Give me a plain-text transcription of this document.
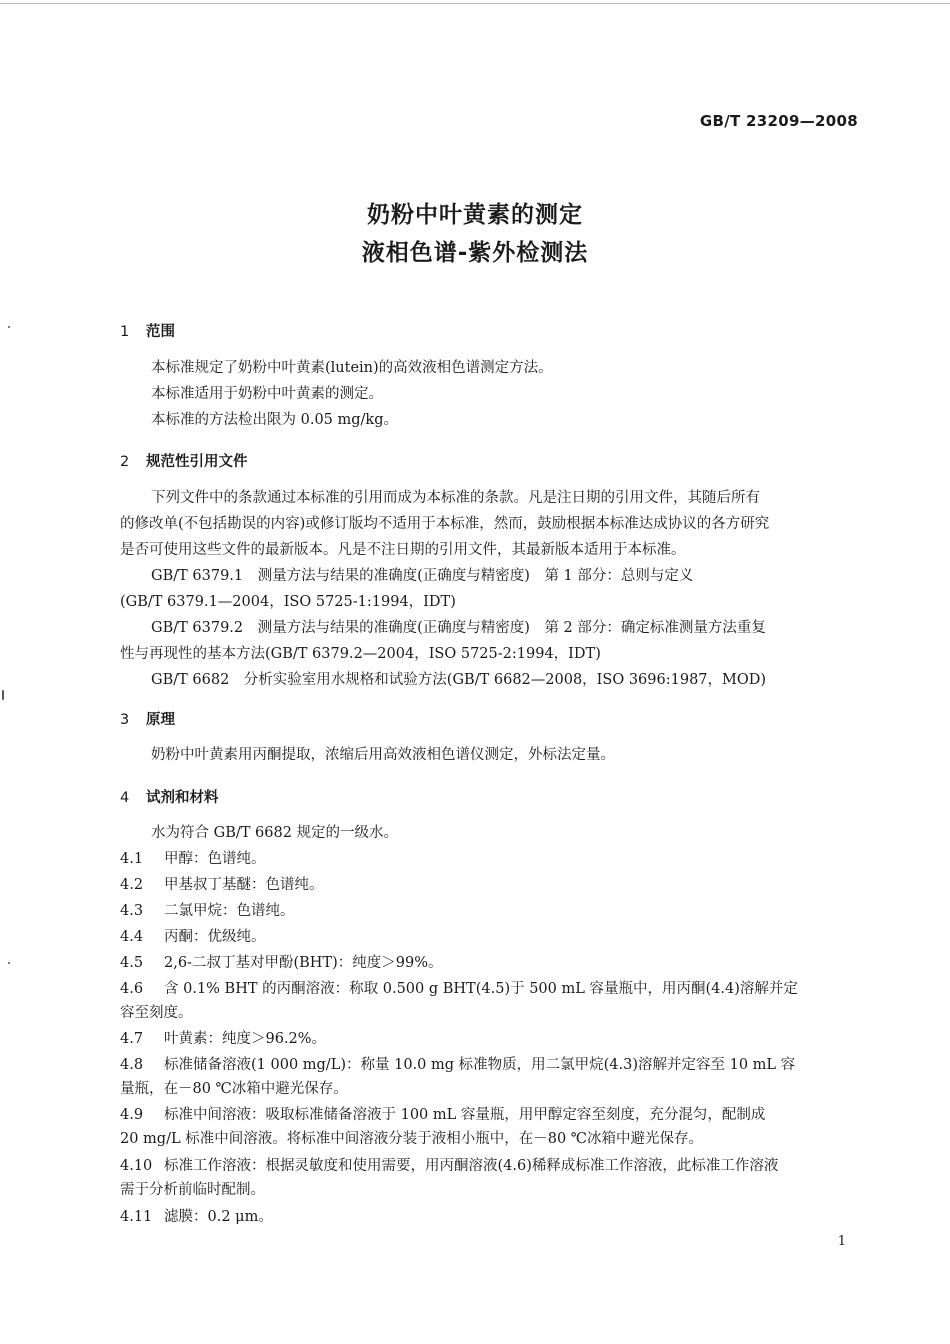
GB/T 23209—2008
奶粉中叶黄素的测定
液相色谱-紫外检测法
1 范围
本标准规定了奶粉中叶黄素(lutein)的高效液相色谱测定方法。
本标准适用于奶粉中叶黄素的测定。
本标准的方法检出限为 0.05 mg/kg。
2 规范性引用文件
下列文件中的条款通过本标准的引用而成为本标准的条款。凡是注日期的引用文件，其随后所有
的修改单(不包括勘误的内容)或修订版均不适用于本标准，然而，鼓励根据本标准达成协议的各方研究
是否可使用这些文件的最新版本。凡是不注日期的引用文件，其最新版本适用于本标准。
GB/T 6379.1　测量方法与结果的准确度(正确度与精密度)　第 1 部分：总则与定义
(GB/T 6379.1—2004，ISO 5725-1:1994，IDT)
GB/T 6379.2　测量方法与结果的准确度(正确度与精密度)　第 2 部分：确定标准测量方法重复
性与再现性的基本方法(GB/T 6379.2—2004，ISO 5725-2:1994，IDT)
GB/T 6682　分析实验室用水规格和试验方法(GB/T 6682—2008，ISO 3696:1987，MOD)
3 原理
奶粉中叶黄素用丙酮提取，浓缩后用高效液相色谱仪测定，外标法定量。
4 试剂和材料
水为符合 GB/T 6682 规定的一级水。
4.1 甲醇：色谱纯。
4.2 甲基叔丁基醚：色谱纯。
4.3 二氯甲烷：色谱纯。
4.4 丙酮：优级纯。
4.5 2,6-二叔丁基对甲酚(BHT)：纯度＞99%。
4.6 含 0.1% BHT 的丙酮溶液：称取 0.500 g BHT(4.5)于 500 mL 容量瓶中，用丙酮(4.4)溶解并定
容至刻度。
4.7 叶黄素：纯度＞96.2%。
4.8 标准储备溶液(1 000 mg/L)：称量 10.0 mg 标准物质，用二氯甲烷(4.3)溶解并定容至 10 mL 容
量瓶，在－80 ℃冰箱中避光保存。
4.9 标准中间溶液：吸取标准储备溶液于 100 mL 容量瓶，用甲醇定容至刻度，充分混匀，配制成
20 mg/L 标准中间溶液。将标准中间溶液分装于液相小瓶中，在－80 ℃冰箱中避光保存。
4.10 标准工作溶液：根据灵敏度和使用需要，用丙酮溶液(4.6)稀释成标准工作溶液，此标准工作溶液
需于分析前临时配制。
4.11 滤膜：0.2 μm。
1
